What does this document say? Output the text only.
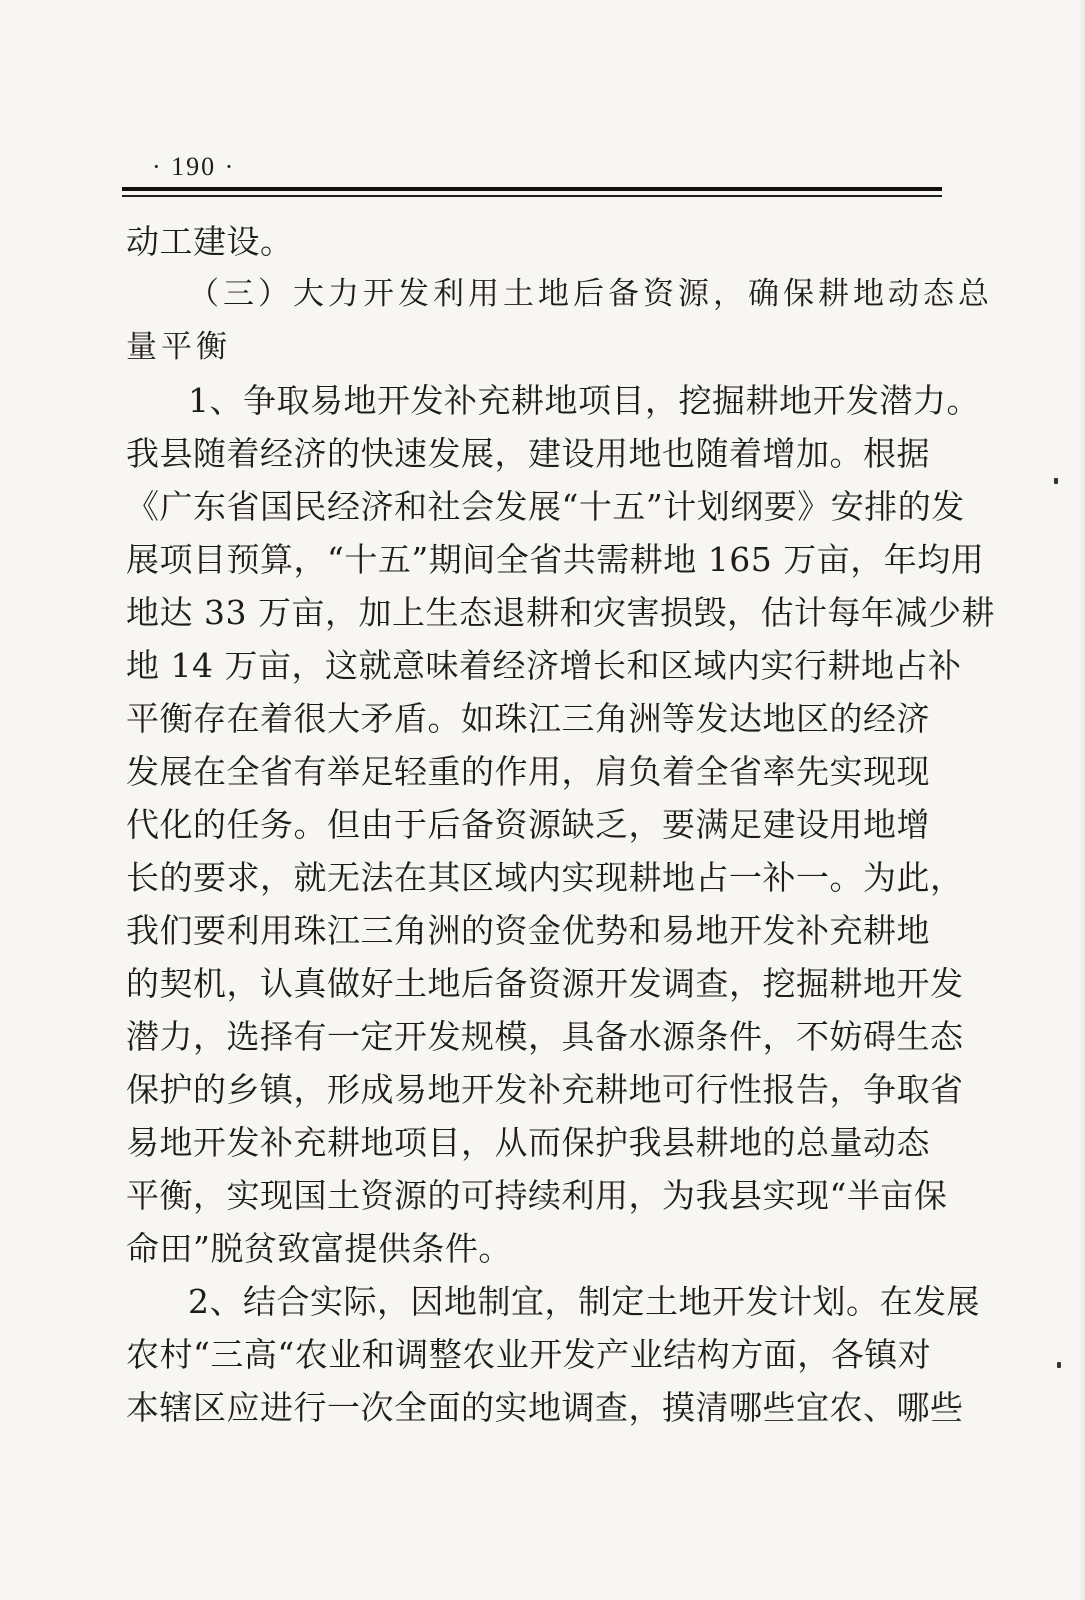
· 190 ·
动工建设。
（三）大力开发利用土地后备资源，确保耕地动态总
量平衡
1、争取易地开发补充耕地项目，挖掘耕地开发潜力。
我县随着经济的快速发展，建设用地也随着增加。根据
《广东省国民经济和社会发展“十五”计划纲要》安排的发
展项目预算，“十五”期间全省共需耕地 165 万亩，年均用
地达 33 万亩，加上生态退耕和灾害损毁，估计每年减少耕
地 14 万亩，这就意味着经济增长和区域内实行耕地占补
平衡存在着很大矛盾。如珠江三角洲等发达地区的经济
发展在全省有举足轻重的作用，肩负着全省率先实现现
代化的任务。但由于后备资源缺乏，要满足建设用地增
长的要求，就无法在其区域内实现耕地占一补一。为此，
我们要利用珠江三角洲的资金优势和易地开发补充耕地
的契机，认真做好土地后备资源开发调查，挖掘耕地开发
潜力，选择有一定开发规模，具备水源条件，不妨碍生态
保护的乡镇，形成易地开发补充耕地可行性报告，争取省
易地开发补充耕地项目，从而保护我县耕地的总量动态
平衡，实现国土资源的可持续利用，为我县实现“半亩保
命田”脱贫致富提供条件。
2、结合实际，因地制宜，制定土地开发计划。在发展
农村“三高“农业和调整农业开发产业结构方面，各镇对
本辖区应进行一次全面的实地调查，摸清哪些宜农、哪些
